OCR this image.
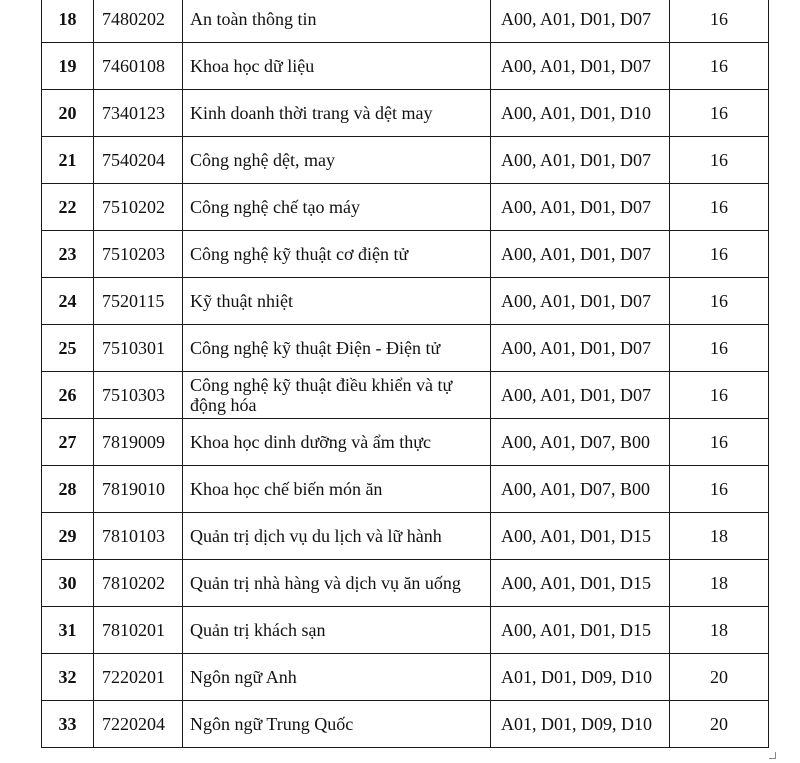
18	7480202	An toàn thông tin	A00, A01, D01, D07	16
19	7460108	Khoa học dữ liệu	A00, A01, D01, D07	16
20	7340123	Kinh doanh thời trang và dệt may	A00, A01, D01, D10	16
21	7540204	Công nghệ dệt, may	A00, A01, D01, D07	16
22	7510202	Công nghệ chế tạo máy	A00, A01, D01, D07	16
23	7510203	Công nghệ kỹ thuật cơ điện tử	A00, A01, D01, D07	16
24	7520115	Kỹ thuật nhiệt	A00, A01, D01, D07	16
25	7510301	Công nghệ kỹ thuật Điện - Điện tử	A00, A01, D01, D07	16
26	7510303	Công nghệ kỹ thuật điều khiển và tự động hóa	A00, A01, D01, D07	16
27	7819009	Khoa học dinh dưỡng và ẩm thực	A00, A01, D07, B00	16
28	7819010	Khoa học chế biến món ăn	A00, A01, D07, B00	16
29	7810103	Quản trị dịch vụ du lịch và lữ hành	A00, A01, D01, D15	18
30	7810202	Quản trị nhà hàng và dịch vụ ăn uống	A00, A01, D01, D15	18
31	7810201	Quản trị khách sạn	A00, A01, D01, D15	18
32	7220201	Ngôn ngữ Anh	A01, D01, D09, D10	20
33	7220204	Ngôn ngữ Trung Quốc	A01, D01, D09, D10	20
